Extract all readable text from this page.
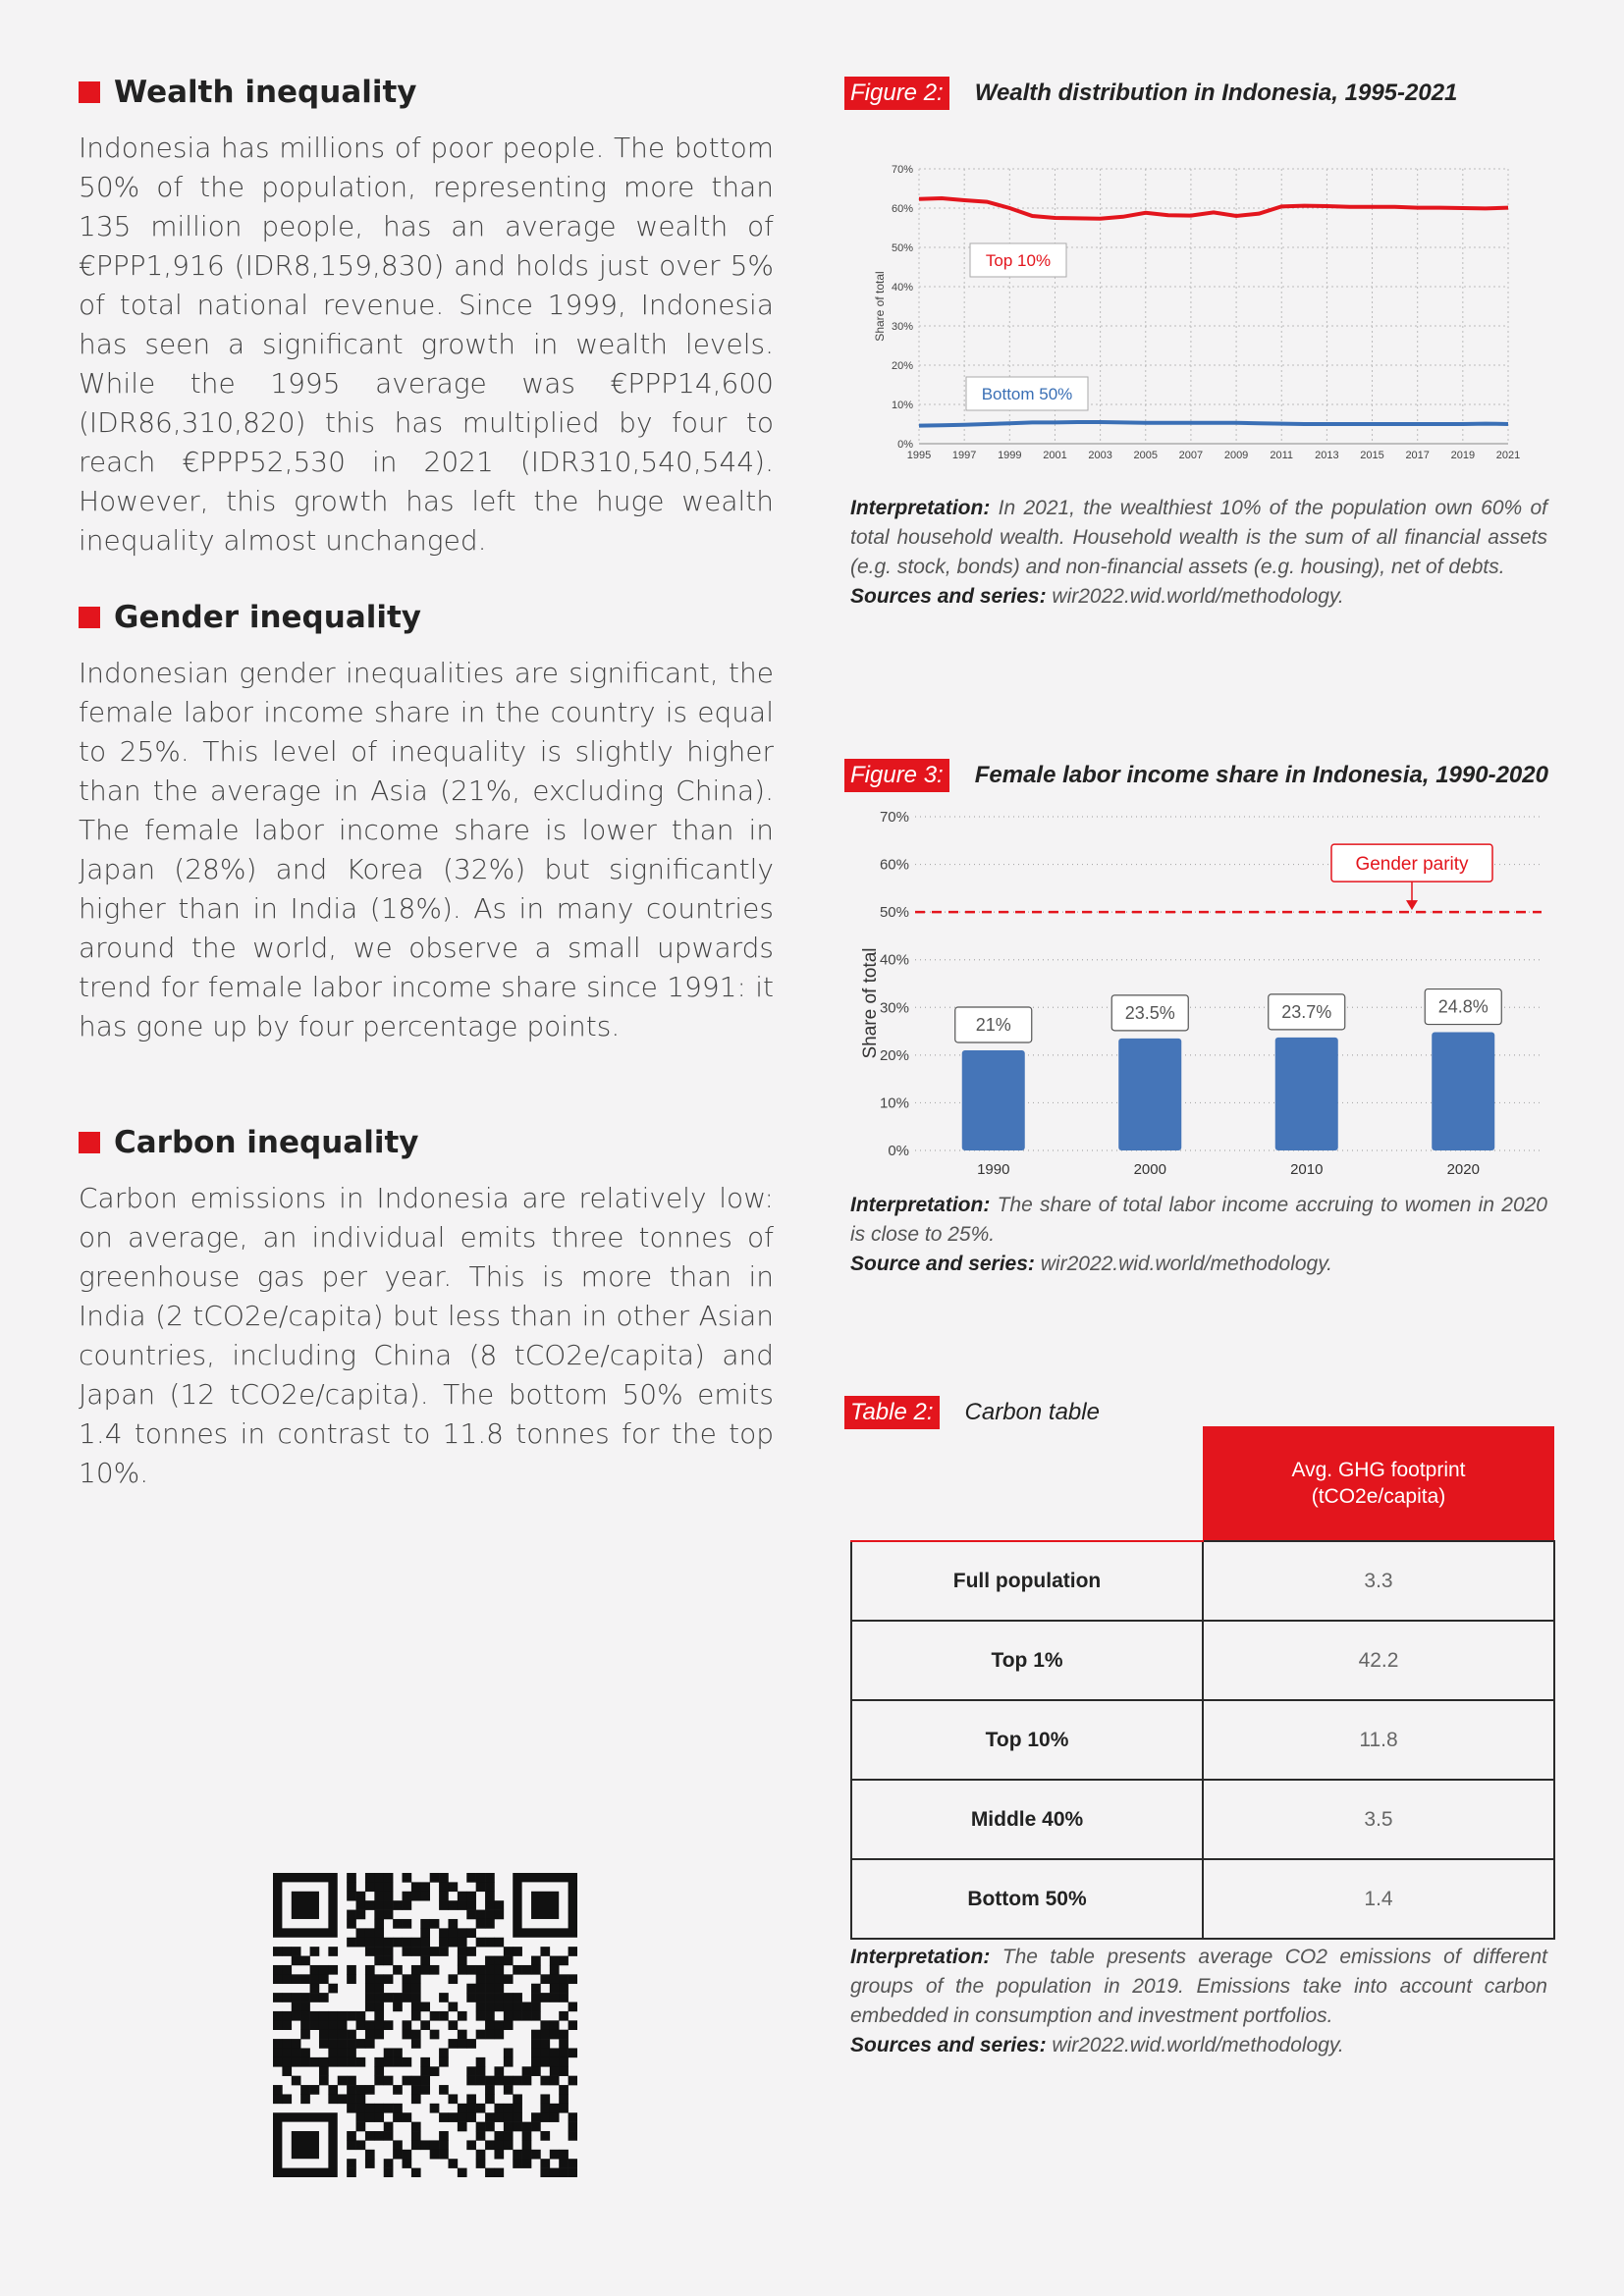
Wealth inequality

Indonesia has millions of poor people. The bottom 50% of the population, representing more than 135 million people, has an average wealth of €PPP1,916 (IDR8,159,830) and holds just over 5% of total national revenue. Since 1999, Indonesia has seen a significant growth in wealth levels. While the 1995 average was €PPP14,600 (IDR86,310,820) this has multiplied by four to reach €PPP52,530 in 2021 (IDR310,540,544). However, this growth has left the huge wealth inequality almost unchanged.

Gender inequality

Indonesian gender inequalities are significant, the female labor income share in the country is equal to 25%. This level of inequality is slightly higher than the average in Asia (21%, excluding China). The female labor income share is lower than in Japan (28%) and Korea (32%) but significantly higher than in India (18%). As in many countries around the world, we observe a small upwards trend for female labor income share since 1991: it has gone up by four percentage points.

Carbon inequality

Carbon emissions in Indonesia are relatively low: on average, an individual emits three tonnes of greenhouse gas per year. This is more than in India (2 tCO2e/capita) but less than in other Asian countries, including China (8 tCO2e/capita) and Japan (12 tCO2e/capita). The bottom 50% emits 1.4 tonnes in contrast to 11.8 tonnes for the top 10%.

Figure 2: Wealth distribution in Indonesia, 1995-2021
0%
10%
20%
30%
40%
50%
60%
70%
1995 1997 1999 2001 2003 2005 2007 2009 2011 2013 2015 2017 2019 2021
Share of total
Top 10%
Bottom 50%

Interpretation: In 2021, the wealthiest 10% of the population own 60% of total household wealth. Household wealth is the sum of all financial assets (e.g. stock, bonds) and non-financial assets (e.g. housing), net of debts.
Sources and series: wir2022.wid.world/methodology.

Figure 3: Female labor income share in Indonesia, 1990-2020
0%
10%
20%
30%
40%
50%
60%
70%
Share of total
1990
21%
2000
23.5%
2010
23.7%
2020
24.8%
Gender parity

Interpretation: The share of total labor income accruing to women in 2020 is close to 25%.
Source and series: wir2022.wid.world/methodology.

Table 2: Carbon table
	Avg. GHG footprint
(tCO2e/capita)
Full population	3.3
Top 1%	42.2
Top 10%	11.8
Middle 40%	3.5
Bottom 50%	1.4

Interpretation: The table presents average CO2 emissions of different groups of the population in 2019. Emissions take into account carbon embedded in consumption and investment portfolios.
Sources and series: wir2022.wid.world/methodology.
